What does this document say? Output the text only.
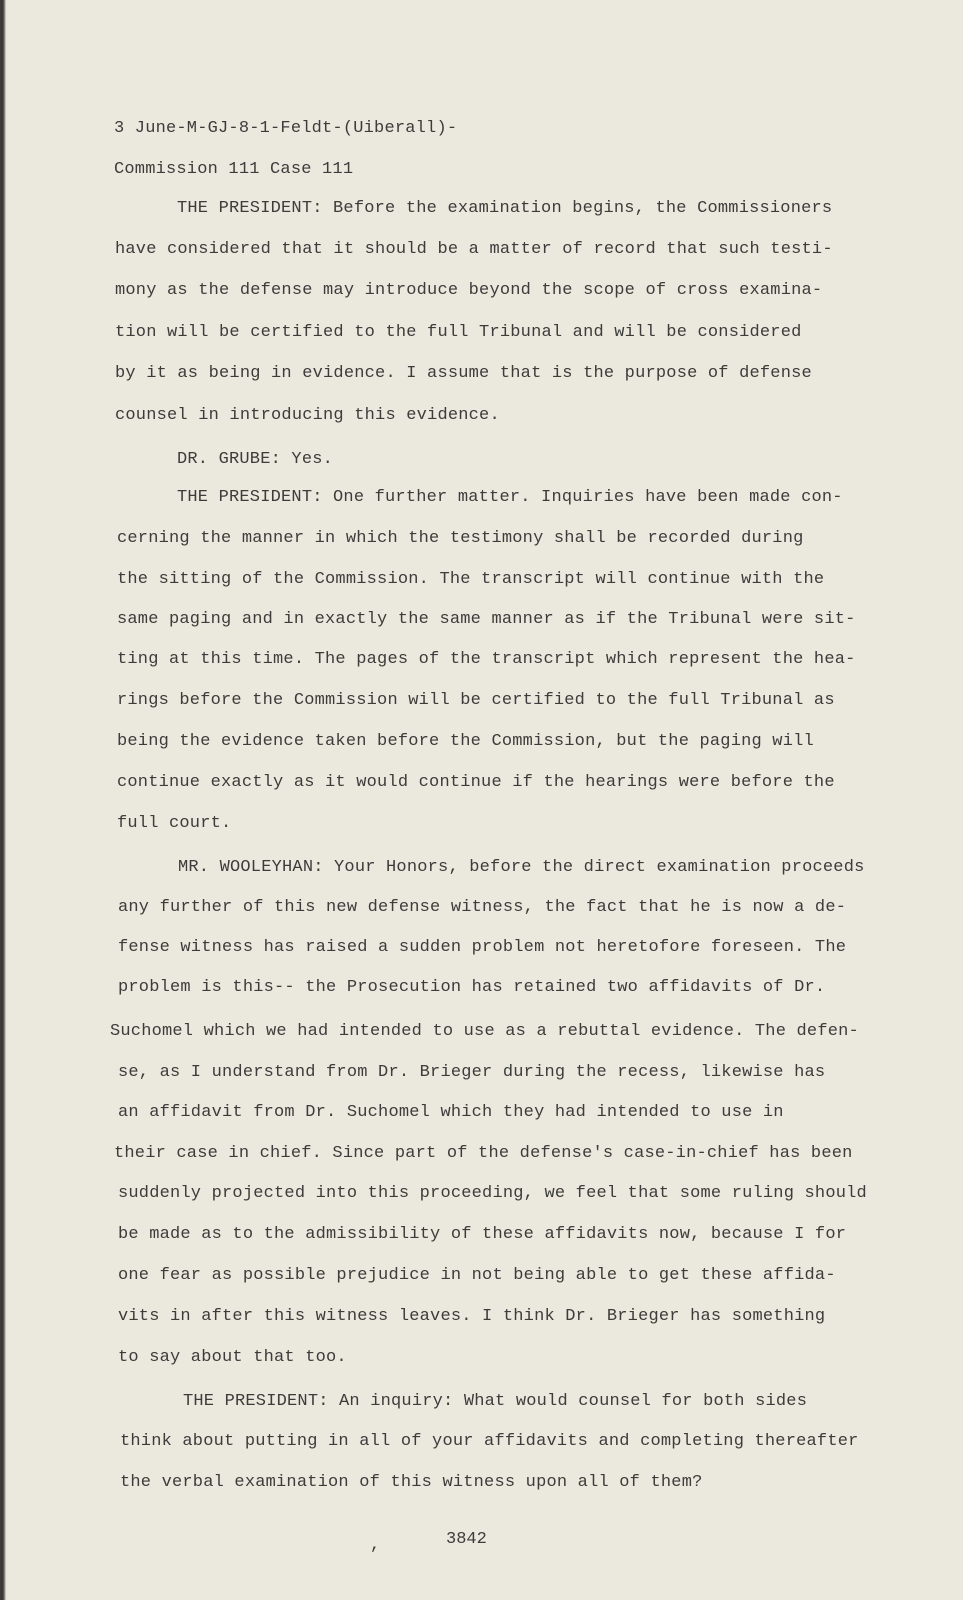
3 June-M-GJ-8-1-Feldt-(Uiberall)-
Commission 111 Case 111
THE PRESIDENT: Before the examination begins, the Commissioners
have considered that it should be a matter of record that such testi-
mony as the defense may introduce beyond the scope of cross examina-
tion will be certified to the full Tribunal and will be considered
by it as being in evidence. I assume that is the purpose of defense
counsel in introducing this evidence.
DR. GRUBE: Yes.
THE PRESIDENT: One further matter. Inquiries have been made con-
cerning the manner in which the testimony shall be recorded during
the sitting of the Commission. The transcript will continue with the
same paging and in exactly the same manner as if the Tribunal were sit-
ting at this time. The pages of the transcript which represent the hea-
rings before the Commission will be certified to the full Tribunal as
being the evidence taken before the Commission, but the paging will
continue exactly as it would continue if the hearings were before the
full court.
MR. WOOLEYHAN: Your Honors, before the direct examination proceeds
any further of this new defense witness, the fact that he is now a de-
fense witness has raised a sudden problem not heretofore foreseen. The
problem is this-- the Prosecution has retained two affidavits of Dr.
Suchomel which we had intended to use as a rebuttal evidence. The defen-
se, as I understand from Dr. Brieger during the recess, likewise has
an affidavit from Dr. Suchomel which they had intended to use in
their case in chief. Since part of the defense's case-in-chief has been
suddenly projected into this proceeding, we feel that some ruling should
be made as to the admissibility of these affidavits now, because I for
one fear as possible prejudice in not being able to get these affida-
vits in after this witness leaves. I think Dr. Brieger has something
to say about that too.
THE PRESIDENT: An inquiry: What would counsel for both sides
think about putting in all of your affidavits and completing thereafter
the verbal examination of this witness upon all of them?
,	3842
